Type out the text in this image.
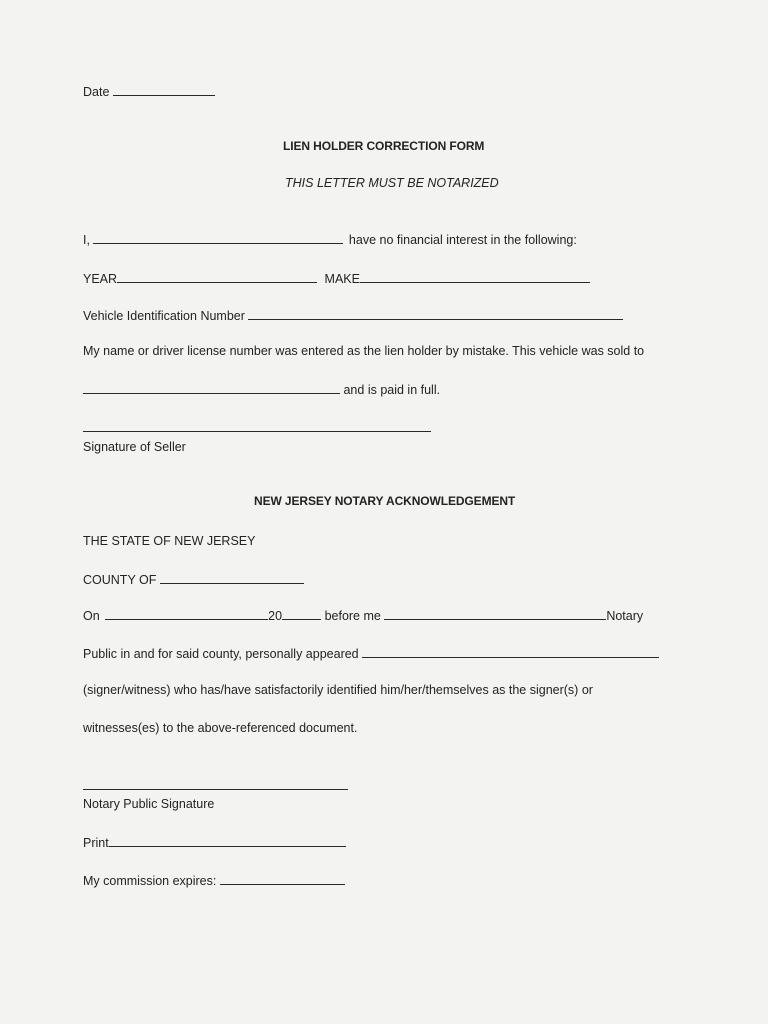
Date
LIEN HOLDER CORRECTION FORM
THIS LETTER MUST BE NOTARIZED
I,	have no financial interest in the following:
YEAR	MAKE
Vehicle Identification Number
My name or driver license number was entered as the lien holder by mistake. This vehicle was sold to
and is paid in full.
Signature of Seller
NEW JERSEY NOTARY ACKNOWLEDGEMENT
THE STATE OF NEW JERSEY
COUNTY OF
On	20	before me	Notary
Public in and for said county, personally appeared
(signer/witness) who has/have satisfactorily identified him/her/themselves as the signer(s) or
witnesses(es) to the above-referenced document.
Notary Public Signature
Print
My commission expires:
